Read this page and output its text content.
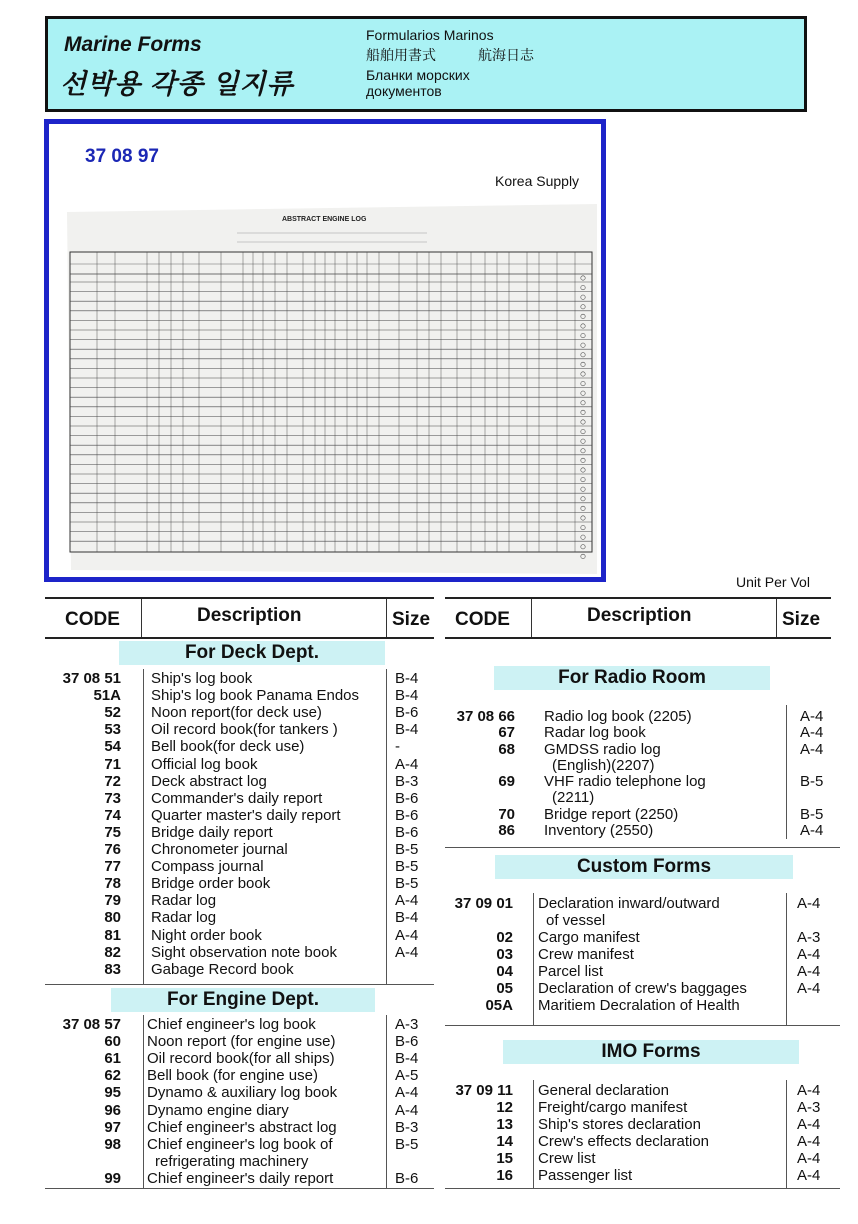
Marine Forms
선박용 각종 일지류
Formularios Marinos
船舶用書式	航海日志
Бланки морских
документов
37 08 97
Korea Supply
ABSTRACT ENGINE LOG
Unit Per Vol
CODE	Description	Size
For Deck Dept.
37 08 51 Ship's log book	B-4
51A Ship's log book Panama Endos B-4
52 Noon report(for deck use)	B-6
53 Oil record book(for tankers )	B-4
54 Bell book(for deck use)	-
71 Official log book	A-4
72 Deck abstract log	B-3
73 Commander's daily report	B-6
74 Quarter master's daily report	B-6
75 Bridge daily report	B-6
76 Chronometer journal	B-5
77 Compass journal	B-5
78 Bridge order book	B-5
79 Radar log	A-4
80 Radar log	B-4
81 Night order book	A-4
82 Sight observation note book	A-4
83 Gabage Record book
For Engine Dept.
37 08 57 Chief engineer's log book	A-3
60 Noon report (for engine use)	B-6
61 Oil record book(for all ships)	B-4
62 Bell book (for engine use)	A-5
95 Dynamo & auxiliary log book	A-4
96 Dynamo engine diary	A-4
97 Chief engineer's abstract log	B-3
98 Chief engineer's log book of	B-5
refrigerating machinery
99 Chief engineer's daily report	B-6
CODE	Description	Size
For Radio Room
37 08 66 Radio log book (2205)	A-4
67 Radar log book	A-4
68 GMDSS radio log	A-4
(English)(2207)
69 VHF radio telephone log	B-5
(2211)
70 Bridge report (2250)	B-5
86 Inventory (2550)	A-4
Custom Forms
37 09 01 Declaration inward/outward	A-4
of vessel
02 Cargo manifest	A-3
03 Crew manifest	A-4
04 Parcel list	A-4
05 Declaration of crew's baggages	A-4
05A Maritiem Decralation of Health
IMO Forms
37 09 11 General declaration	A-4
12 Freight/cargo manifest	A-3
13 Ship's stores declaration	A-4
14 Crew's effects declaration	A-4
15 Crew list	A-4
16 Passenger list	A-4
